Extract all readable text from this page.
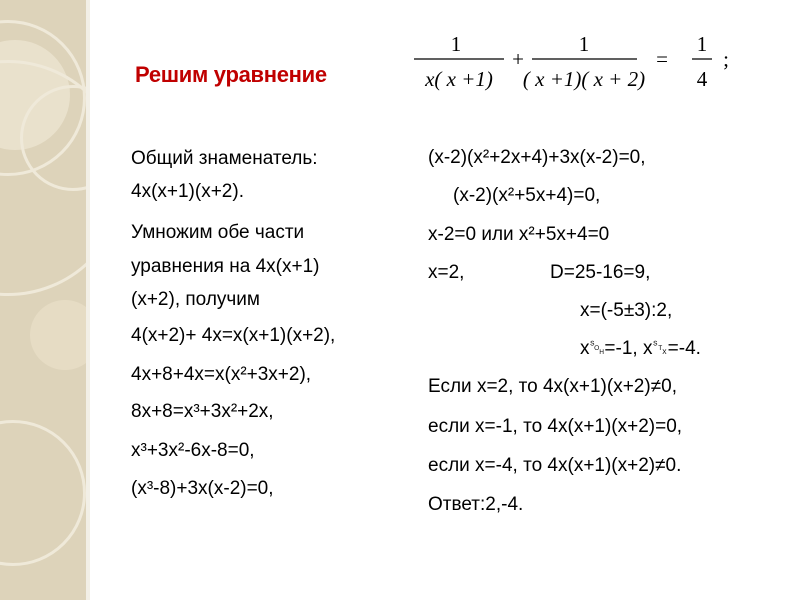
Решим уравнение
1
x( x +1)
+
1
( x +1)( x + 2)
=
1
4
;
Общий знаменатель:
4x(x+1)(x+2).
Умножим обе части
уравнения на 4x(x+1)
(x+2), получим
4(x+2)+ 4x=x(x+1)(x+2),
4x+8+4x=x(x²+3x+2),
8x+8=x³+3x²+2x,
x³+3x²-6x-8=0,
(x³-8)+3x(x-2)=0,
(x-2)(x²+2x+4)+3x(x-2)=0,
(x-2)(x²+5x+4)=0,
x-2=0 или x²+5x+4=0
x=2,	D=25-16=9,
x=(-5±3):2,
x␁=-1, x␂=-4.
Если x=2, то 4x(x+1)(x+2)≠0,
если x=-1, то 4x(x+1)(x+2)=0,
если x=-4, то 4x(x+1)(x+2)≠0.
Ответ:2,-4.
